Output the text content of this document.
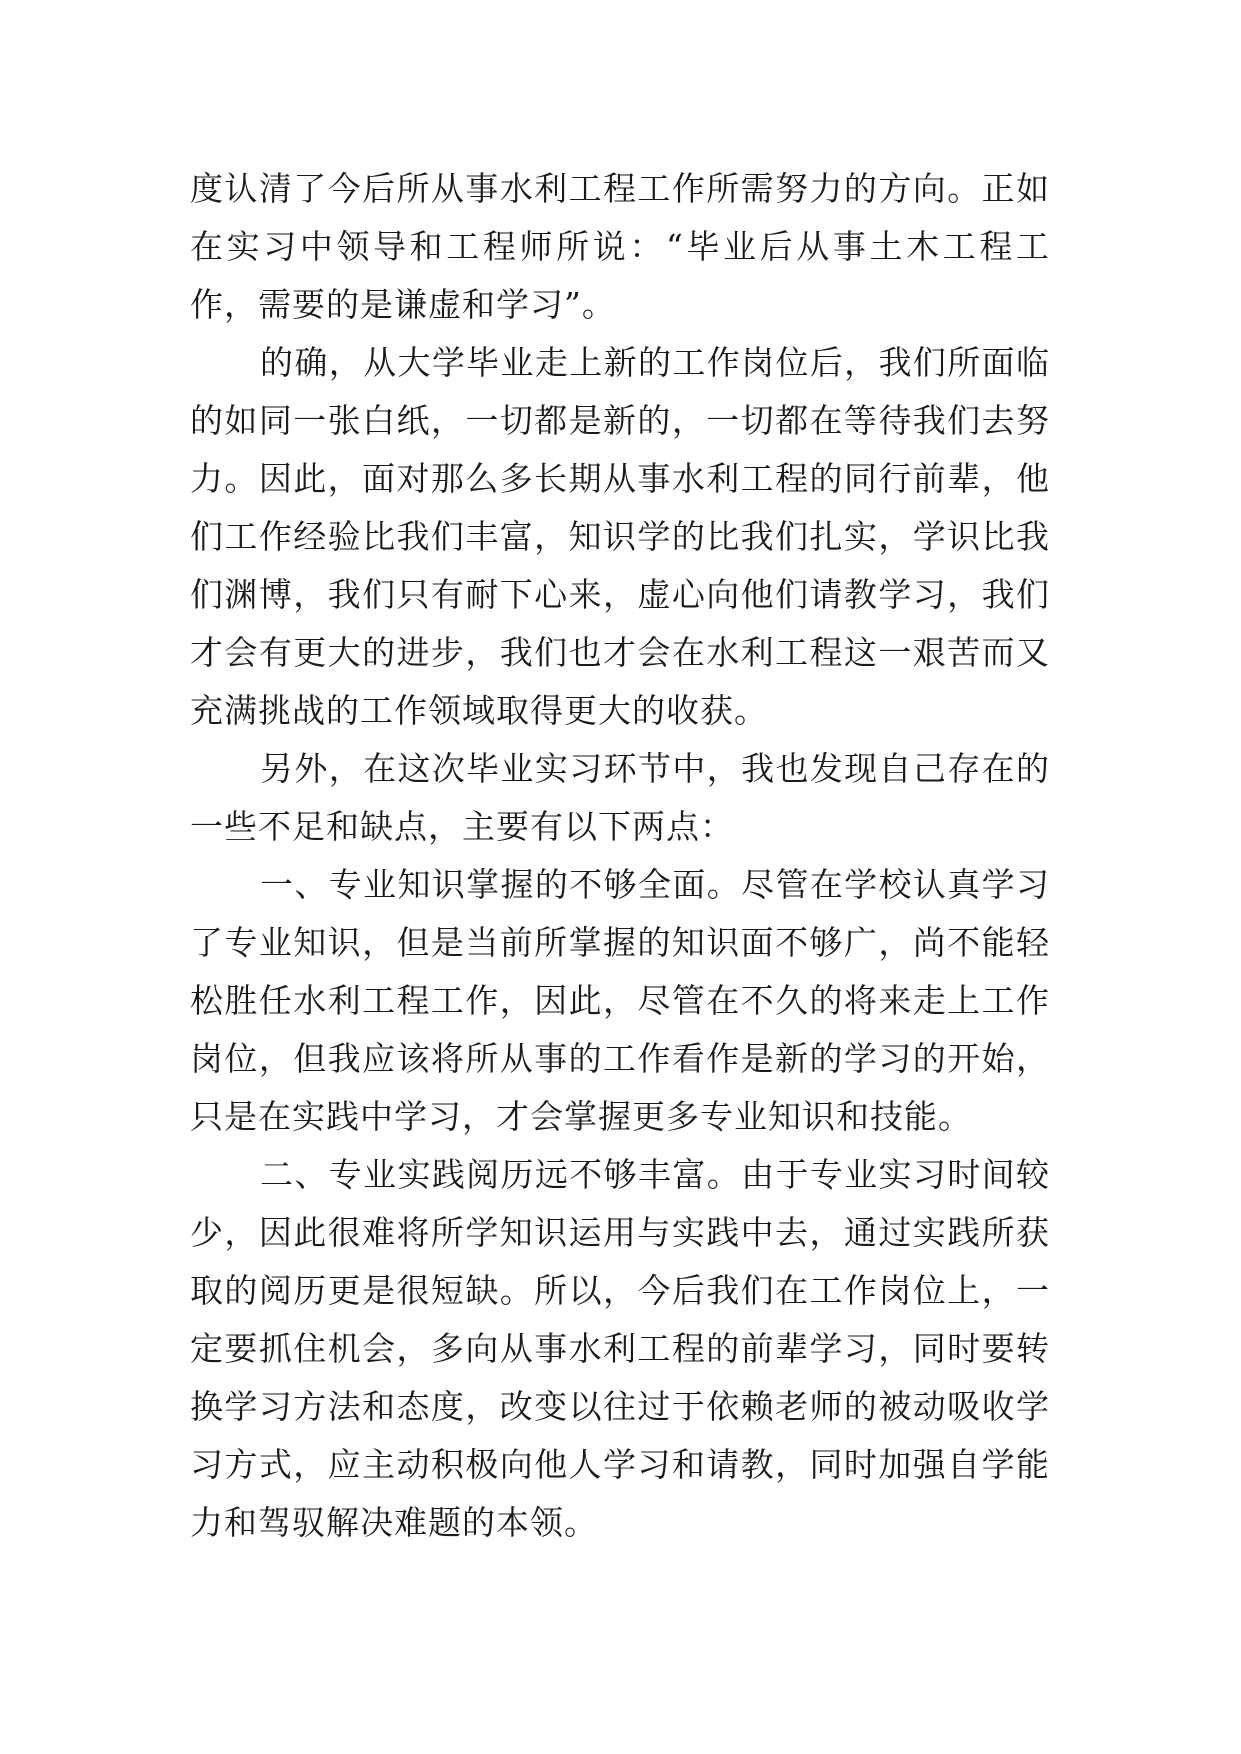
度认清了今后所从事水利工程工作所需努力的方向。正如在实习中领导和工程师所说：“毕业后从事土木工程工作，需要的是谦虚和学习”。

的确，从大学毕业走上新的工作岗位后，我们所面临的如同一张白纸，一切都是新的，一切都在等待我们去努力。因此，面对那么多长期从事水利工程的同行前辈，他们工作经验比我们丰富，知识学的比我们扎实，学识比我们渊博，我们只有耐下心来，虚心向他们请教学习，我们才会有更大的进步，我们也才会在水利工程这一艰苦而又充满挑战的工作领域取得更大的收获。

另外，在这次毕业实习环节中，我也发现自己存在的一些不足和缺点，主要有以下两点：

一、专业知识掌握的不够全面。尽管在学校认真学习了专业知识，但是当前所掌握的知识面不够广，尚不能轻松胜任水利工程工作，因此，尽管在不久的将来走上工作岗位，但我应该将所从事的工作看作是新的学习的开始，只是在实践中学习，才会掌握更多专业知识和技能。

二、专业实践阅历远不够丰富。由于专业实习时间较少，因此很难将所学知识运用与实践中去，通过实践所获取的阅历更是很短缺。所以，今后我们在工作岗位上，一定要抓住机会，多向从事水利工程的前辈学习，同时要转换学习方法和态度，改变以往过于依赖老师的被动吸收学习方式，应主动积极向他人学习和请教，同时加强自学能力和驾驭解决难题的本领。
